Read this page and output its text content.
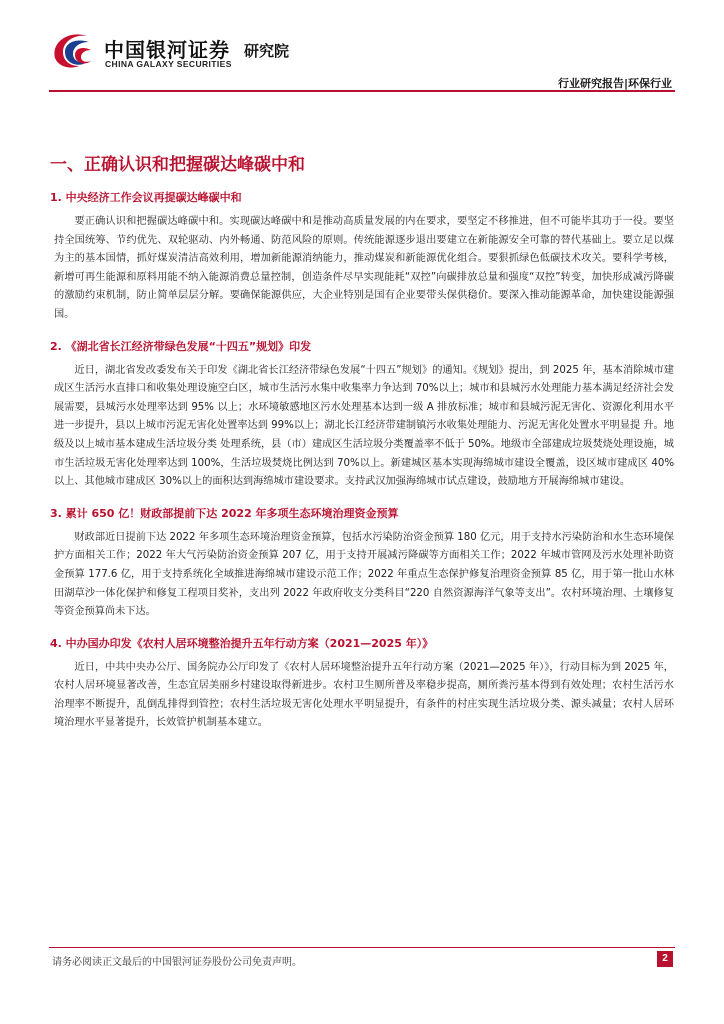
中国银河证券
CHINA GALAXY SECURITIES
研究院
行业研究报告|环保行业
一、正确认识和把握碳达峰碳中和
1. 中央经济工作会议再提碳达峰碳中和

要正确认识和把握碳达峰碳中和。实现碳达峰碳中和是推动高质量发展的内在要求，要坚定不移推进，但不可能毕其功于一役。要坚持全国统筹、节约优先、双轮驱动、内外畅通、防范风险的原则。传统能源逐步退出要建立在新能源安全可靠的替代基础上。要立足以煤为主的基本国情，抓好煤炭清洁高效利用，增加新能源消纳能力，推动煤炭和新能源优化组合。要狠抓绿色低碳技术攻关。要科学考核，新增可再生能源和原料用能不纳入能源消费总量控制，创造条件尽早实现能耗“双控”向碳排放总量和强度“双控”转变，加快形成减污降碳的激励约束机制，防止简单层层分解。要确保能源供应，大企业特别是国有企业要带头保供稳价。要深入推动能源革命，加快建设能源强国。

2. 《湖北省长江经济带绿色发展“十四五”规划》印发

近日，湖北省发改委发布关于印发《湖北省长江经济带绿色发展“十四五”规划》的通知。《规划》提出，到 2025 年，基本消除城市建成区生活污水直排口和收集处理设施空白区，城市生活污水集中收集率力争达到 70%以上；城市和县城污水处理能力基本满足经济社会发展需要，县城污水处理率达到 95% 以上；水环境敏感地区污水处理基本达到一级 A 排放标准；城市和县城污泥无害化、资源化利用水平进一步提升，县以上城市污泥无害化处置率达到 99%以上；湖北长江经济带建制镇污水收集处理能力、污泥无害化处置水平明显提 升。地级及以上城市基本建成生活垃圾分类 处理系统，县（市）建成区生活垃圾分类覆盖率不低于 50%。地级市全部建成垃圾焚烧处理设施，城市生活垃圾无害化处理率达到 100%，生活垃圾焚烧比例达到 70%以上。新建城区基本实现海绵城市建设全覆盖，设区城市建成区 40%以上、其他城市建成区 30%以上的面积达到海绵城市建设要求。支持武汉加强海绵城市试点建设，鼓励地方开展海绵城市建设。

3. 累计 650 亿！财政部提前下达 2022 年多项生态环境治理资金预算

财政部近日提前下达 2022 年多项生态环境治理资金预算，包括水污染防治资金预算 180 亿元，用于支持水污染防治和水生态环境保护方面相关工作；2022 年大气污染防治资金预算 207 亿，用于支持开展减污降碳等方面相关工作；2022 年城市管网及污水处理补助资金预算 177.6 亿，用于支持系统化全域推进海绵城市建设示范工作；2022 年重点生态保护修复治理资金预算 85 亿，用于第一批山水林田湖草沙一体化保护和修复工程项目奖补，支出列 2022 年政府收支分类科目“220 自然资源海洋气象等支出”。农村环境治理、土壤修复等资金预算尚未下达。

4. 中办国办印发《农村人居环境整治提升五年行动方案（2021—2025 年）》

近日，中共中央办公厅、国务院办公厅印发了《农村人居环境整治提升五年行动方案（2021—2025 年）》，行动目标为到 2025 年，农村人居环境显著改善，生态宜居美丽乡村建设取得新进步。农村卫生厕所普及率稳步提高，厕所粪污基本得到有效处理；农村生活污水治理率不断提升，乱倒乱排得到管控；农村生活垃圾无害化处理水平明显提升，有条件的村庄实现生活垃圾分类、源头减量；农村人居环境治理水平显著提升，长效管护机制基本建立。

请务必阅读正文最后的中国银河证券股份公司免责声明。	2
